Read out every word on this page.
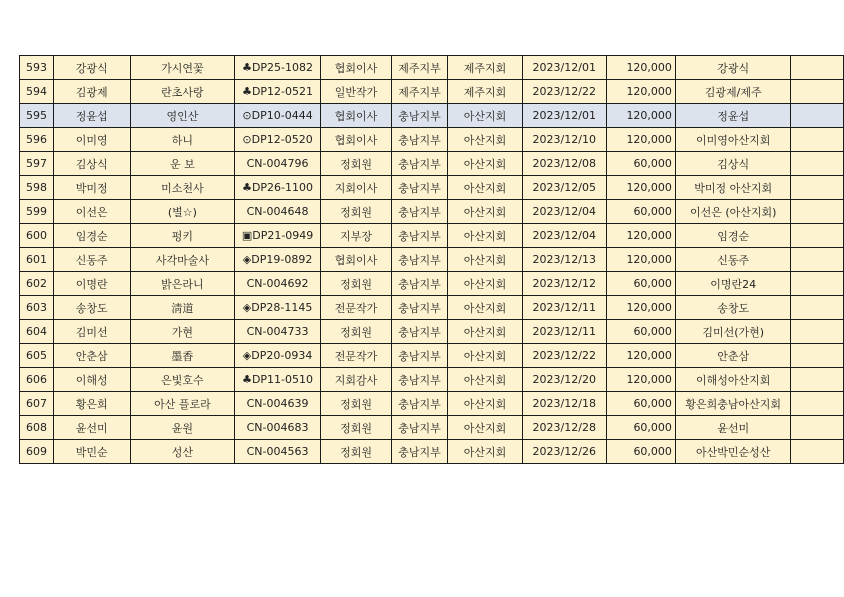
593	강광식	가시연꽃	♣DP25-1082	협회이사	제주지부	제주지회	2023/12/01	120,000	강광식	
594	김광제	란초사랑	♣DP12-0521	일반작가	제주지부	제주지회	2023/12/22	120,000	김광제/제주	
595	정윤섭	영인산	⊙DP10-0444	협회이사	충남지부	아산지회	2023/12/01	120,000	정윤섭	
596	이미영	하니	⊙DP12-0520	협회이사	충남지부	아산지회	2023/12/10	120,000	이미영아산지회	
597	김상식	운 보	CN-004796	정회원	충남지부	아산지회	2023/12/08	60,000	김상식	
598	박미정	미소천사	♣DP26-1100	지회이사	충남지부	아산지회	2023/12/05	120,000	박미정 아산지회	
599	이선은	(별☆)	CN-004648	정회원	충남지부	아산지회	2023/12/04	60,000	이선은 (아산지회)	
600	임경순	펑키	▣DP21-0949	지부장	충남지부	아산지회	2023/12/04	120,000	임경순	
601	신동주	사각마술사	◈DP19-0892	협회이사	충남지부	아산지회	2023/12/13	120,000	신동주	
602	이명란	밝은라니	CN-004692	정회원	충남지부	아산지회	2023/12/12	60,000	이명란24	
603	송창도	淸道	◈DP28-1145	전문작가	충남지부	아산지회	2023/12/11	120,000	송창도	
604	김미선	가현	CN-004733	정회원	충남지부	아산지회	2023/12/11	60,000	김미선(가현)	
605	안춘삼	墨香	◈DP20-0934	전문작가	충남지부	아산지회	2023/12/22	120,000	안춘삼	
606	이해성	은빛호수	♣DP11-0510	지회감사	충남지부	아산지회	2023/12/20	120,000	이해성아산지회	
607	황은희	아산 플로라	CN-004639	정회원	충남지부	아산지회	2023/12/18	60,000	황은희충남아산지회	
608	윤선미	윤원	CN-004683	정회원	충남지부	아산지회	2023/12/28	60,000	윤선미	
609	박민순	성산	CN-004563	정회원	충남지부	아산지회	2023/12/26	60,000	아산박민순성산	
